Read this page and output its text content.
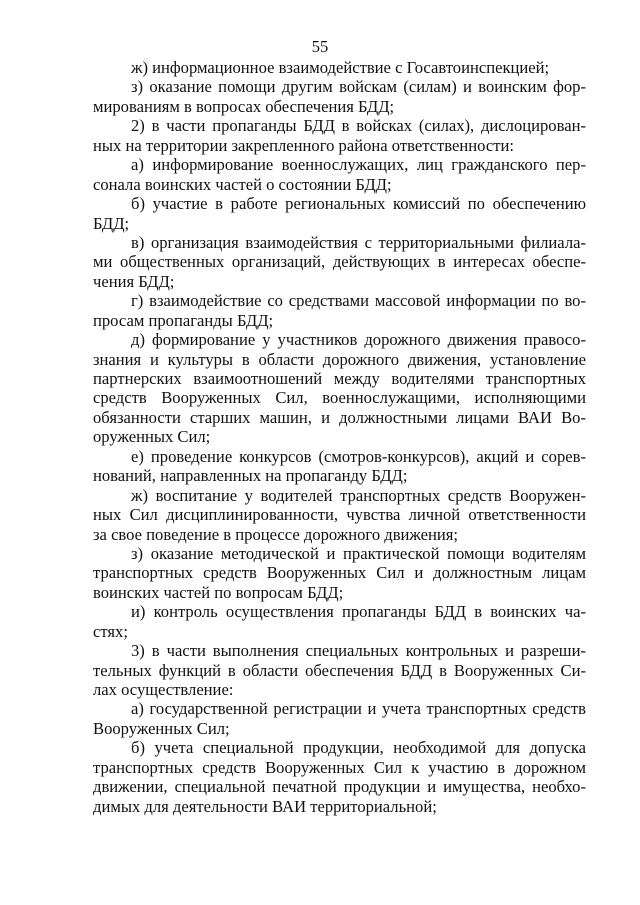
55
ж) информационное взаимодействие с Госавтоинспекцией;
з) оказание помощи другим войскам (силам) и воинским фор-
мированиям в вопросах обеспечения БДД;
2) в части пропаганды БДД в войсках (силах), дислоцирован-
ных на территории закрепленного района ответственности:
а) информирование военнослужащих, лиц гражданского пер-
сонала воинских частей о состоянии БДД;
б) участие в работе региональных комиссий по обеспечению
БДД;
в) организация взаимодействия с территориальными филиала-
ми общественных организаций, действующих в интересах обеспе-
чения БДД;
г) взаимодействие со средствами массовой информации по во-
просам пропаганды БДД;
д) формирование у участников дорожного движения правосо-
знания и культуры в области дорожного движения, установление
партнерских взаимоотношений между водителями транспортных
средств Вооруженных Сил, военнослужащими, исполняющими
обязанности старших машин, и должностными лицами ВАИ Во-
оруженных Сил;
е) проведение конкурсов (смотров-конкурсов), акций и сорев-
нований, направленных на пропаганду БДД;
ж) воспитание у водителей транспортных средств Вооружен-
ных Сил дисциплинированности, чувства личной ответственности
за свое поведение в процессе дорожного движения;
з) оказание методической и практической помощи водителям
транспортных средств Вооруженных Сил и должностным лицам
воинских частей по вопросам БДД;
и) контроль осуществления пропаганды БДД в воинских ча-
стях;
3) в части выполнения специальных контрольных и разреши-
тельных функций в области обеспечения БДД в Вооруженных Си-
лах осуществление:
а) государственной регистрации и учета транспортных средств
Вооруженных Сил;
б) учета специальной продукции, необходимой для допуска
транспортных средств Вооруженных Сил к участию в дорожном
движении, специальной печатной продукции и имущества, необхо-
димых для деятельности ВАИ территориальной;
